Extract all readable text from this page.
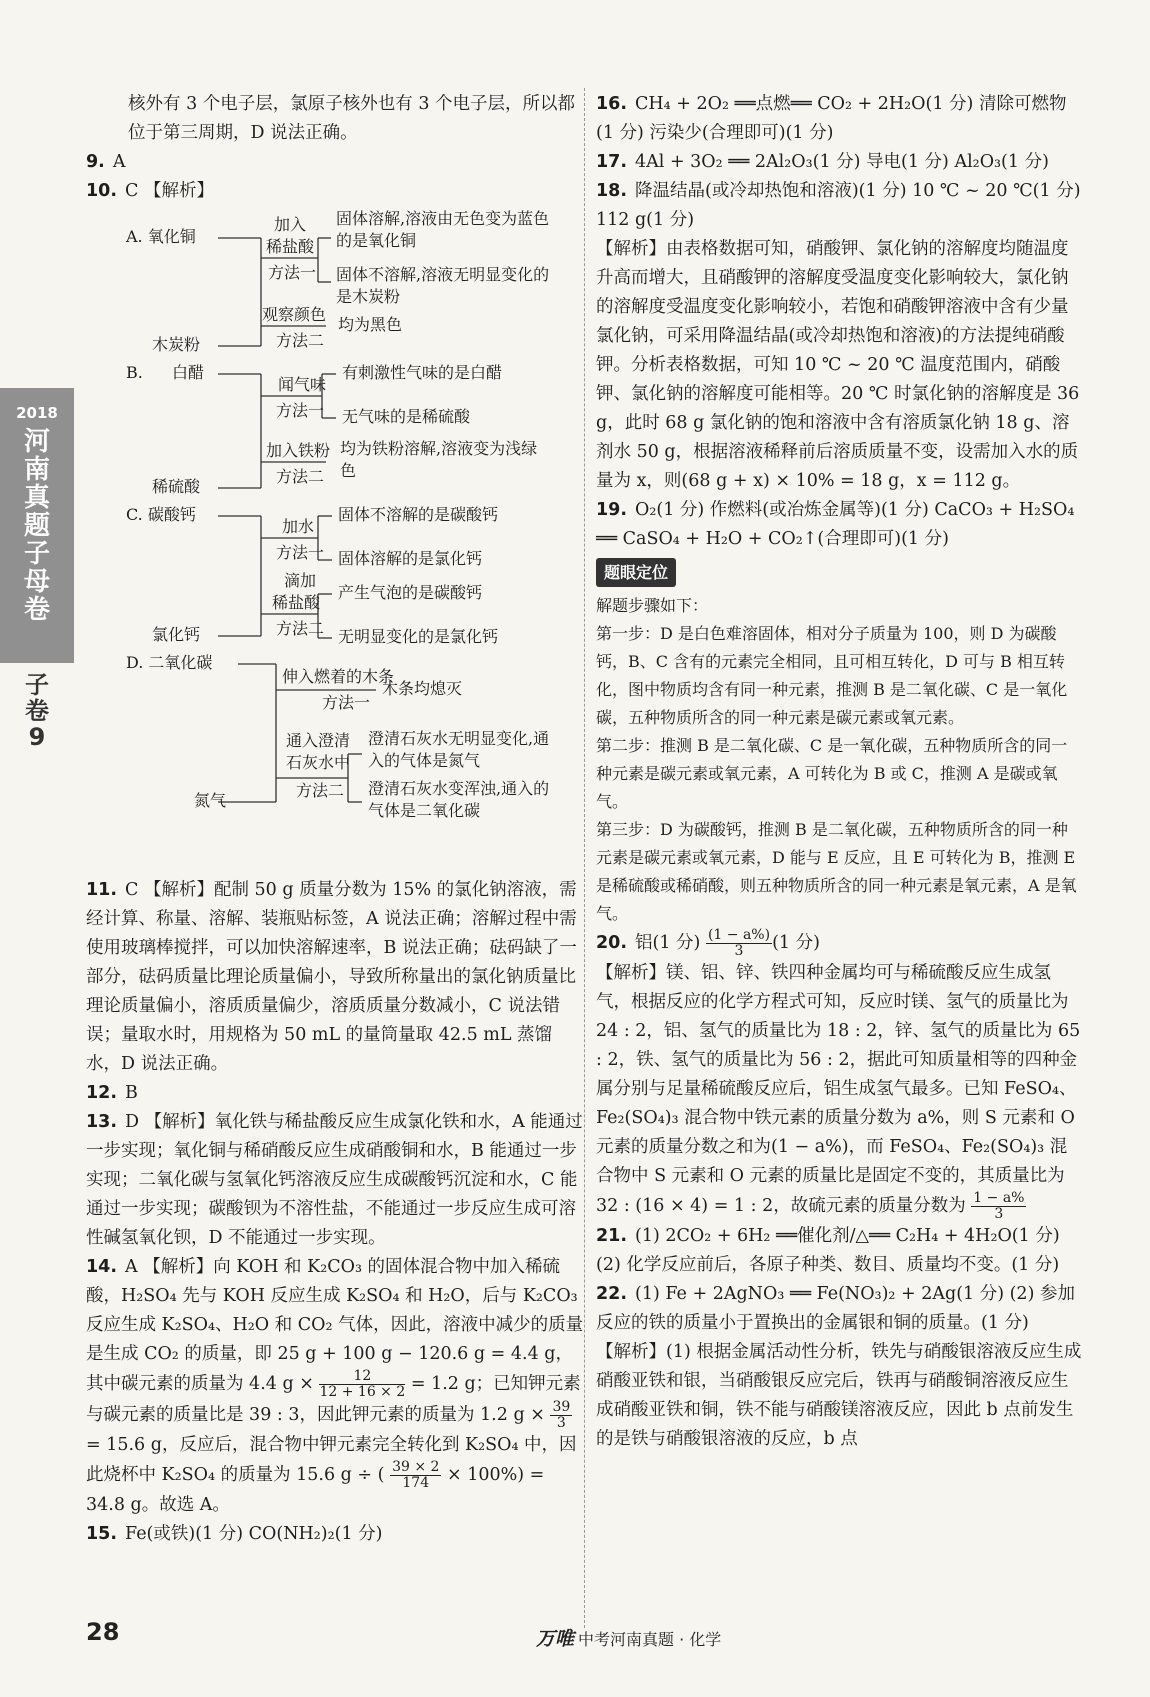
2018
河南真题子母卷
子卷9

核外有 3 个电子层，氯原子核外也有 3 个电子层，所以都位于第三周期，D 说法正确。

9. A

10. C 【解析】

A. 氧化铜
木炭粉
加入
稀盐酸
方法一
固体溶解,溶液由无色变为蓝色的是氧化铜
固体不溶解,溶液无明显变化的是木炭粉
观察颜色
方法二
均为黑色
B. 白醋
稀硫酸
闻气味
方法一
有刺激性气味的是白醋
无气味的是稀硫酸
加入铁粉
方法二
均为铁粉溶解,溶液变为浅绿色
C. 碳酸钙
氯化钙
加水
方法一
固体不溶解的是碳酸钙
固体溶解的是氯化钙
滴加
稀盐酸
方法二
产生气泡的是碳酸钙
无明显变化的是氯化钙
D. 二氧化碳
氮气
伸入燃着的木条
方法一
木条均熄灭
通入澄清
石灰水中
方法二
澄清石灰水无明显变化,通入的气体是氮气
澄清石灰水变浑浊,通入的气体是二氧化碳

11. C 【解析】配制 50 g 质量分数为 15% 的氯化钠溶液，需经计算、称量、溶解、装瓶贴标签，A 说法正确；溶解过程中需使用玻璃棒搅拌，可以加快溶解速率，B 说法正确；砝码缺了一部分，砝码质量比理论质量偏小，导致所称量出的氯化钠质量比理论质量偏小，溶质质量偏少，溶质质量分数减小，C 说法错误；量取水时，用规格为 50 mL 的量筒量取 42.5 mL 蒸馏水，D 说法正确。

12. B

13. D 【解析】氧化铁与稀盐酸反应生成氯化铁和水，A 能通过一步实现；氧化铜与稀硝酸反应生成硝酸铜和水，B 能通过一步实现；二氧化碳与氢氧化钙溶液反应生成碳酸钙沉淀和水，C 能通过一步实现；碳酸钡为不溶性盐，不能通过一步反应生成可溶性碱氢氧化钡，D 不能通过一步实现。

14. A 【解析】向 KOH 和 K₂CO₃ 的固体混合物中加入稀硫酸，H₂SO₄ 先与 KOH 反应生成 K₂SO₄ 和 H₂O，后与 K₂CO₃ 反应生成 K₂SO₄、H₂O 和 CO₂ 气体，因此，溶液中减少的质量是生成 CO₂ 的质量，即 25 g + 100 g − 120.6 g = 4.4 g，其中碳元素的质量为 4.4 $g \times \frac{12}{12 + 16 \times 2} = 1.2$ g；已知钾元素与碳元素的质量比是 39 : 3，因此钾元素的质量为 1.2 $g \times \frac{39}{3}$
= 15.6 g，反应后，混合物中钾元素完全转化到 K₂SO₄ 中，因此烧杯中 K₂SO₄ 的质量为 15.6 g ÷ ( $\frac{39 \times 2}{174} \times 100\%) = 34.8$ g。故选 A。

15. Fe(或铁)(1 分) CO(NH₂)₂(1 分)

16. CH₄ + 2O₂ ══点燃══ CO₂ + 2H₂O(1 分) 清除可燃物(1 分) 污染少(合理即可)(1 分)

17. 4Al + 3O₂ ══ 2Al₂O₃(1 分) 导电(1 分) Al₂O₃(1 分)

18. 降温结晶(或冷却热饱和溶液)(1 分) 10 ℃ ~ 20 ℃(1 分) 112 g(1 分)

【解析】由表格数据可知，硝酸钾、氯化钠的溶解度均随温度升高而增大，且硝酸钾的溶解度受温度变化影响较大，氯化钠的溶解度受温度变化影响较小，若饱和硝酸钾溶液中含有少量氯化钠，可采用降温结晶(或冷却热饱和溶液)的方法提纯硝酸钾。分析表格数据，可知 10 ℃ ~ 20 ℃ 温度范围内，硝酸钾、氯化钠的溶解度可能相等。20 ℃ 时氯化钠的溶解度是 36 g，此时 68 g 氯化钠的饱和溶液中含有溶质氯化钠 18 g、溶剂水 50 g，根据溶液稀释前后溶质质量不变，设需加入水的质量为 x，则(68 g + x) × 10% = 18 g，x = 112 g。

19. O₂(1 分) 作燃料(或冶炼金属等)(1 分) CaCO₃ + H₂SO₄ ══ CaSO₄ + H₂O + CO₂↑(合理即可)(1 分)

题眼定位

解题步骤如下：

第一步：D 是白色难溶固体，相对分子质量为 100，则 D 为碳酸钙，B、C 含有的元素完全相同，且可相互转化，D 可与 B 相互转化，图中物质均含有同一种元素，推测 B 是二氧化碳、C 是一氧化碳，五种物质所含的同一种元素是碳元素或氧元素。

第二步：推测 B 是二氧化碳、C 是一氧化碳，五种物质所含的同一种元素是碳元素或氧元素，A 可转化为 B 或 C，推测 A 是碳或氧气。

第三步：D 为碳酸钙，推测 B 是二氧化碳，五种物质所含的同一种元素是碳元素或氧元素，D 能与 E 反应，且 E 可转化为 B，推测 E 是稀硫酸或稀硝酸，则五种物质所含的同一种元素是氧元素，A 是氧气。

20. 铝(1 分) $\frac{(1 - a\%)}{3} (1$ 分)

【解析】镁、铝、锌、铁四种金属均可与稀硫酸反应生成氢气，根据反应的化学方程式可知，反应时镁、氢气的质量比为 24 : 2，铝、氢气的质量比为 18 : 2，锌、氢气的质量比为 65 : 2，铁、氢气的质量比为 56 : 2，据此可知质量相等的四种金属分别与足量稀硫酸反应后，铝生成氢气最多。已知 FeSO₄、Fe₂(SO₄)₃ 混合物中铁元素的质量分数为 a%，则 S 元素和 O 元素的质量分数之和为(1 − a%)，而 FeSO₄、Fe₂(SO₄)₃ 混合物中 S 元素和 O 元素的质量比是固定不变的，其质量比为 32 : (16 × 4) = 1 : 2，故硫元素的质量分数为 $\frac{1 - a\%}{3}$

21. (1) 2CO₂ + 6H₂ ══催化剂/△══ C₂H₄ + 4H₂O(1 分) (2) 化学反应前后，各原子种类、数目、质量均不变。(1 分)

22. (1) Fe + 2AgNO₃ ══ Fe(NO₃)₂ + 2Ag(1 分) (2) 参加反应的铁的质量小于置换出的金属银和铜的质量。(1 分)

【解析】(1) 根据金属活动性分析，铁先与硝酸银溶液反应生成硝酸亚铁和银，当硝酸银反应完后，铁再与硝酸铜溶液反应生成硝酸亚铁和铜，铁不能与硝酸镁溶液反应，因此 b 点前发生的是铁与硝酸银溶液的反应，b 点

28	万唯 中考河南真题 · 化学
